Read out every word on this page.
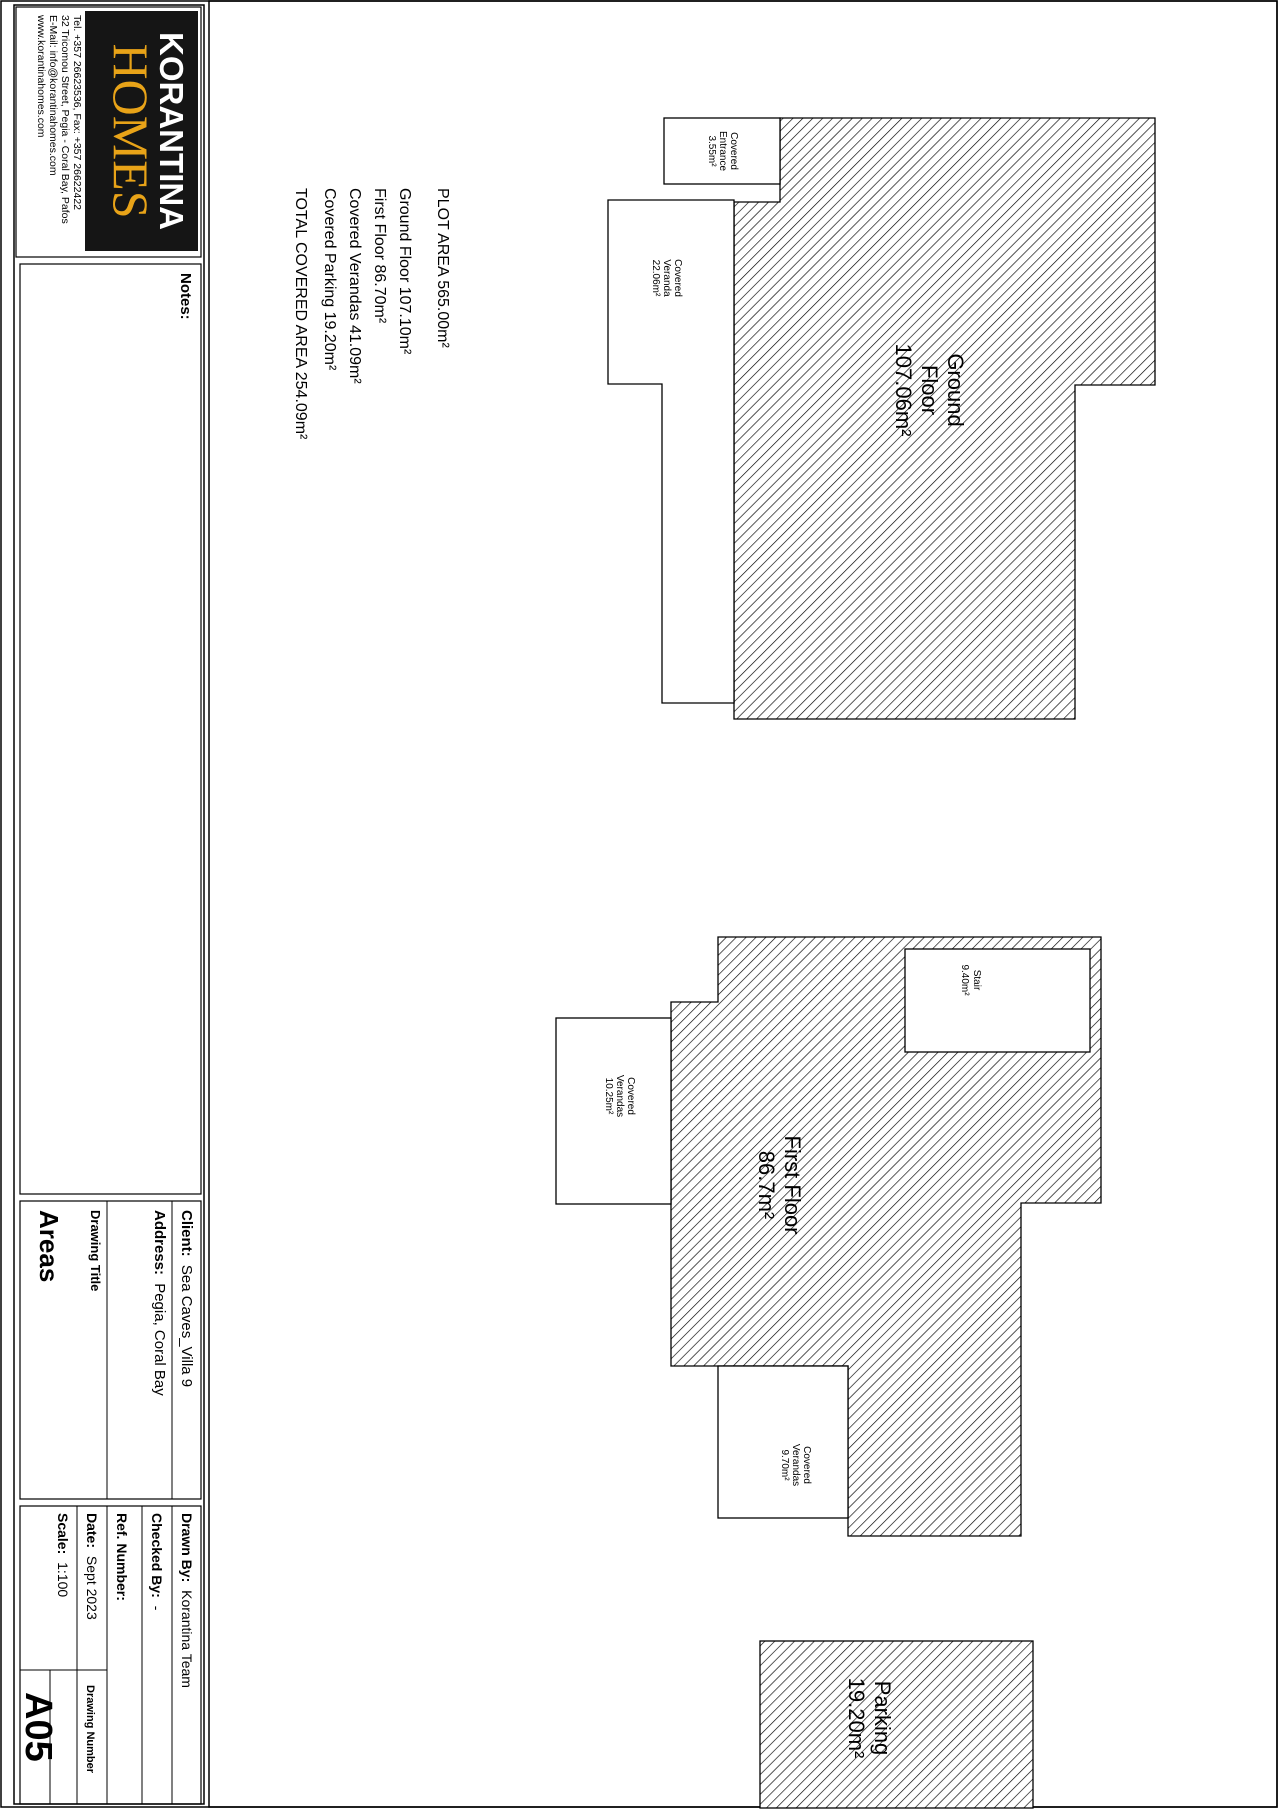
KORANTINA
HOMES
Tel. +357 26623536, Fax: +357 26622422
32 Tricomou Street, Pegia - Coral Bay, Pafos
E-Mail: info@korantinahomes.com
www.korantinahomes.com
Notes:
Client: Sea Caves_Villa 9
Address: Pegia, Coral Bay
Drawing Title
Areas
Drawn By: Korantina Team
Checked By: -
Ref. Number:
Date: Sept 2023
Scale: 1:100
Drawing Number
A05
PLOT AREA 565.00m²
Ground Floor 107.10m²
First Floor 86.70m²
Covered Verandas 41.09m²
Covered Parking 19.20m²
TOTAL COVERED AREA 254.09m²	Ground
Floor
107.06m²
Covered
Entrance
3.55m²
Covered
Veranda
22.06m²
First Floor
86.7m²
Stair
9.40m²
Covered
Verandas
10.25m²
Covered
Verandas
9.70m²
Parking
19.20m²
